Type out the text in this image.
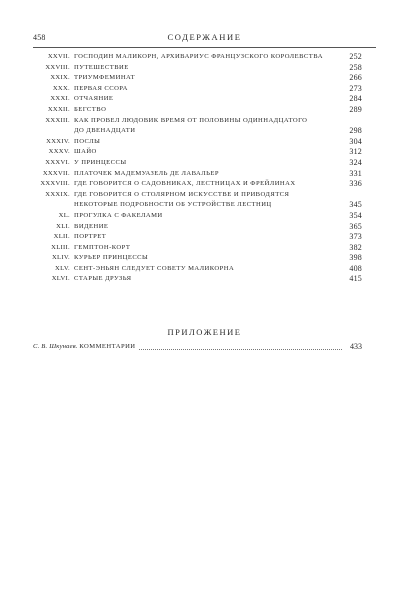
458	СОДЕРЖАНИЕ
XXVII. ГОСПОДИН МАЛИКОРН, АРХИВАРИУС ФРАНЦУЗСКОГО КОРОЛЕВСТВА	252
XXVIII. ПУТЕШЕСТВИЕ	258
XXIX. ТРИУМФЕМИНАТ	266
XXX. ПЕРВАЯ ССОРА	273
XXXI. ОТЧАЯНИЕ	284
XXXII. БЕГСТВО	289
XXXIII. КАК ПРОВЕЛ ЛЮДОВИК ВРЕМЯ ОТ ПОЛОВИНЫ ОДИННАДЦАТОГО
ДО ДВЕНАДЦАТИ	298
XXXIV. ПОСЛЫ	304
XXXV. ШАЙО	312
XXXVI. У ПРИНЦЕССЫ	324
XXXVII. ПЛАТОЧЕК МАДЕМУАЗЕЛЬ ДЕ ЛАВАЛЬЕР	331
XXXVIII. ГДЕ ГОВОРИТСЯ О САДОВНИКАХ, ЛЕСТНИЦАХ И ФРЕЙЛИНАХ	336
XXXIX. ГДЕ ГОВОРИТСЯ О СТОЛЯРНОМ ИСКУССТВЕ И ПРИВОДЯТСЯ
НЕКОТОРЫЕ ПОДРОБНОСТИ ОБ УСТРОЙСТВЕ ЛЕСТНИЦ	345
XL. ПРОГУЛКА С ФАКЕЛАМИ	354
XLI. ВИДЕНИЕ	365
XLII. ПОРТРЕТ	373
XLIII. ГЕМПТОН-КОРТ	382
XLIV. КУРЬЕР ПРИНЦЕССЫ	398
XLV. СЕНТ-ЭНЬЯН СЛЕДУЕТ СОВЕТУ МАЛИКОРНА	408
XLVI. СТАРЫЕ ДРУЗЬЯ	415
ПРИЛОЖЕНИЕ
С. В. Шкунаев. КОММЕНТАРИИ	433
